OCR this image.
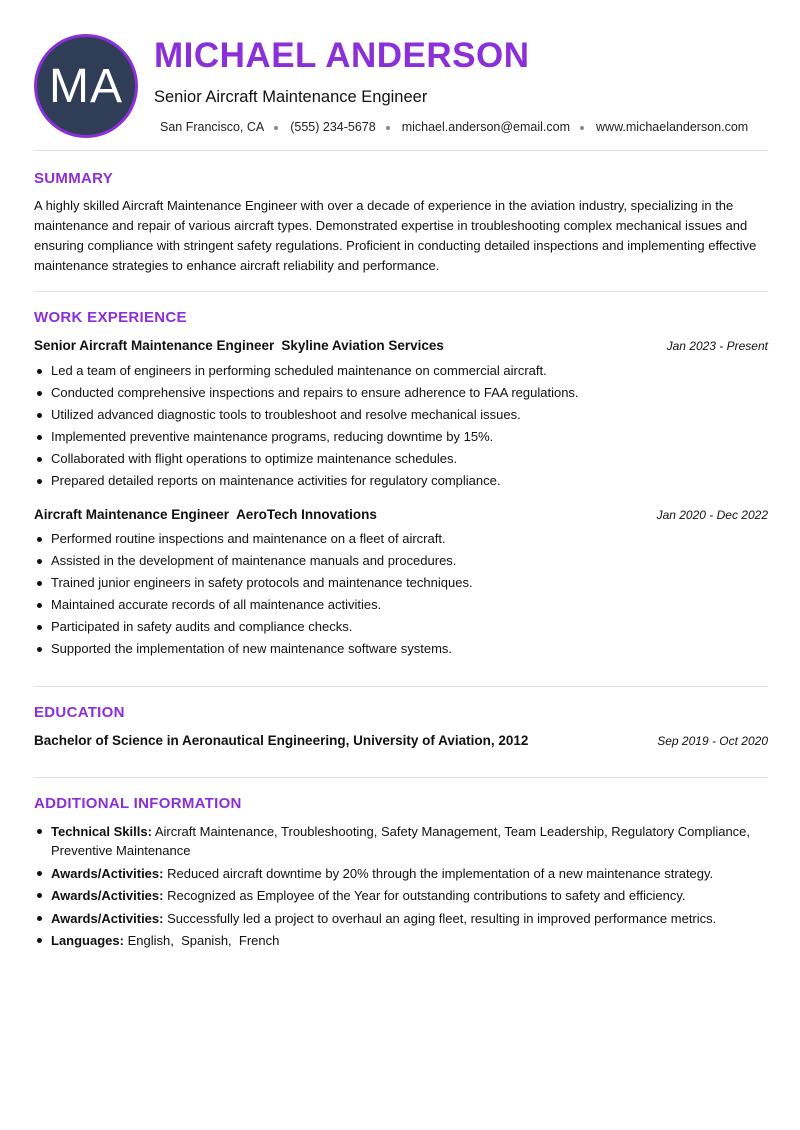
MA
MICHAEL ANDERSON
Senior Aircraft Maintenance Engineer
San Francisco, CA (555) 234-5678 michael.anderson@email.com www.michaelanderson.com
SUMMARY
A highly skilled Aircraft Maintenance Engineer with over a decade of experience in the aviation industry, specializing in the maintenance and repair of various aircraft types. Demonstrated expertise in troubleshooting complex mechanical issues and ensuring compliance with stringent safety regulations. Proficient in conducting detailed inspections and implementing effective maintenance strategies to enhance aircraft reliability and performance.
WORK EXPERIENCE
Senior Aircraft Maintenance Engineer Skyline Aviation Services	Jan 2023 - Present
Led a team of engineers in performing scheduled maintenance on commercial aircraft.
Conducted comprehensive inspections and repairs to ensure adherence to FAA regulations.
Utilized advanced diagnostic tools to troubleshoot and resolve mechanical issues.
Implemented preventive maintenance programs, reducing downtime by 15%.
Collaborated with flight operations to optimize maintenance schedules.
Prepared detailed reports on maintenance activities for regulatory compliance.
Aircraft Maintenance Engineer AeroTech Innovations	Jan 2020 - Dec 2022
Performed routine inspections and maintenance on a fleet of aircraft.
Assisted in the development of maintenance manuals and procedures.
Trained junior engineers in safety protocols and maintenance techniques.
Maintained accurate records of all maintenance activities.
Participated in safety audits and compliance checks.
Supported the implementation of new maintenance software systems.
EDUCATION
Bachelor of Science in Aeronautical Engineering, University of Aviation, 2012	Sep 2019 - Oct 2020
ADDITIONAL INFORMATION
Technical Skills: Aircraft Maintenance, Troubleshooting, Safety Management, Team Leadership, Regulatory Compliance, Preventive Maintenance
Awards/Activities: Reduced aircraft downtime by 20% through the implementation of a new maintenance strategy.
Awards/Activities: Recognized as Employee of the Year for outstanding contributions to safety and efficiency.
Awards/Activities: Successfully led a project to overhaul an aging fleet, resulting in improved performance metrics.
Languages: English,  Spanish,  French
